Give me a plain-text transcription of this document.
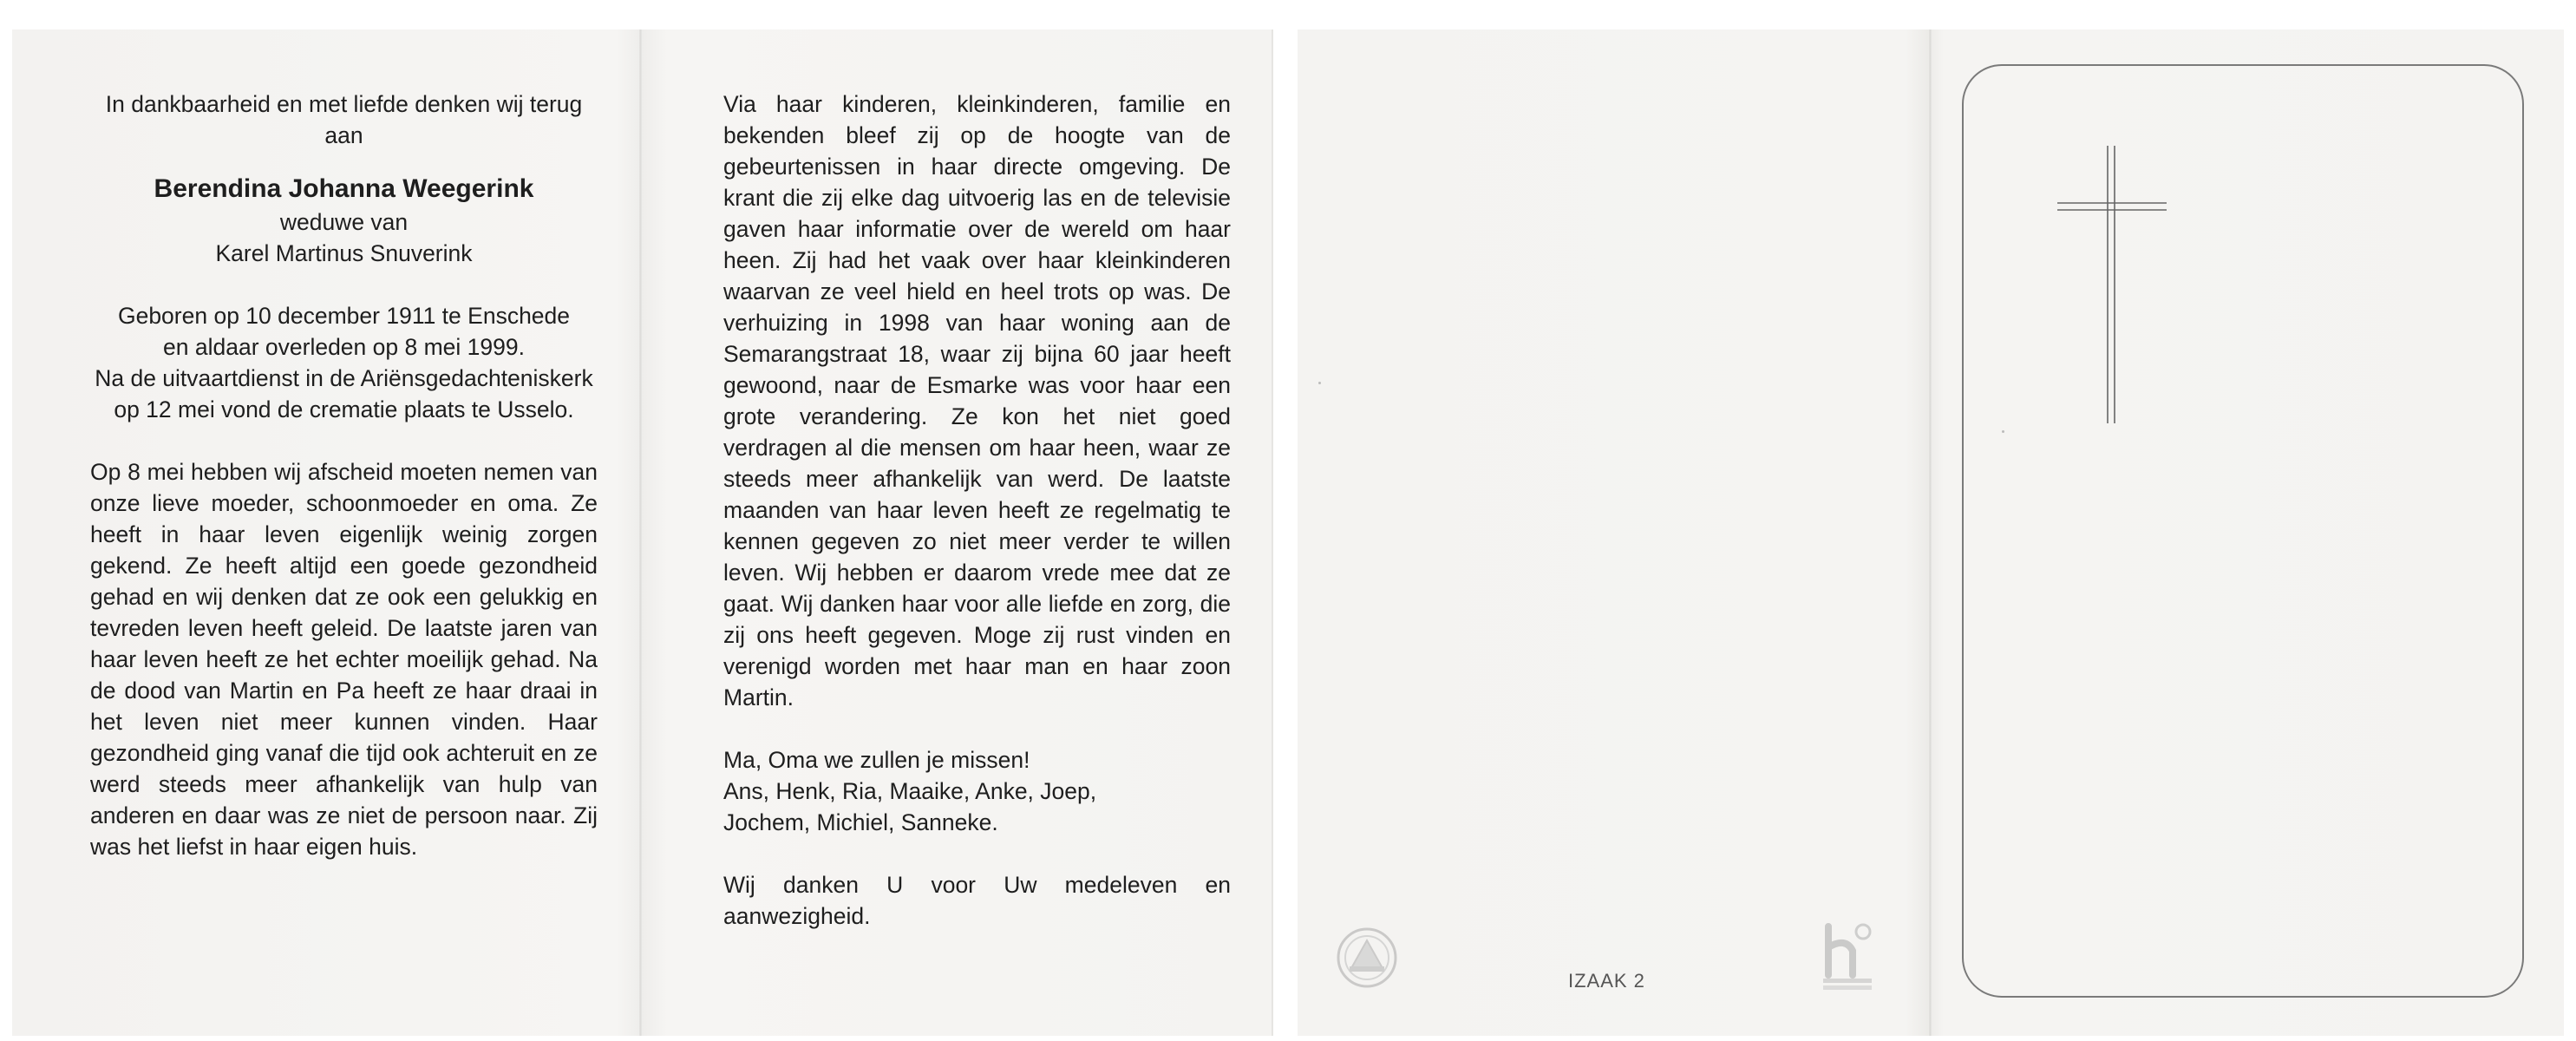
In dankbaarheid en met liefde denken wij terug aan
Berendina Johanna Weegerink
weduwe van
Karel Martinus Snuverink
Geboren op 10 december 1911 te Enschede en aldaar overleden op 8 mei 1999.
Na de uitvaartdienst in de Ariënsgedachteniskerk op 12 mei vond de crematie plaats te Usselo.
Op 8 mei hebben wij afscheid moeten nemen van onze lieve moeder, schoonmoeder en oma. Ze heeft in haar leven eigenlijk weinig zorgen gekend. Ze heeft altijd een goede gezondheid gehad en wij denken dat ze ook een gelukkig en tevreden leven heeft geleid. De laatste jaren van haar leven heeft ze het echter moeilijk gehad. Na de dood van Martin en Pa heeft ze haar draai in het leven niet meer kunnen vinden. Haar gezondheid ging vanaf die tijd ook achteruit en ze werd steeds meer afhankelijk van hulp van anderen en daar was ze niet de persoon naar. Zij was het liefst in haar eigen huis.
Via haar kinderen, kleinkinderen, familie en bekenden bleef zij op de hoogte van de gebeurtenissen in haar directe omgeving. De krant die zij elke dag uitvoerig las en de televisie gaven haar informatie over de wereld om haar heen. Zij had het vaak over haar kleinkinderen waarvan ze veel hield en heel trots op was. De verhuizing in 1998 van haar woning aan de Semarangstraat 18, waar zij bijna 60 jaar heeft gewoond, naar de Esmarke was voor haar een grote verandering. Ze kon het niet goed verdragen al die mensen om haar heen, waar ze steeds meer afhankelijk van werd. De laatste maanden van haar leven heeft ze regelmatig te kennen gegeven zo niet meer verder te willen leven. Wij hebben er daarom vrede mee dat ze gaat. Wij danken haar voor alle liefde en zorg, die zij ons heeft gegeven. Moge zij rust vinden en verenigd worden met haar man en haar zoon Martin.
Ma, Oma we zullen je missen!
Ans, Henk, Ria, Maaike, Anke, Joep,
Jochem, Michiel, Sanneke.
Wij danken U voor Uw medeleven en aanwezigheid.
IZAAK 2
